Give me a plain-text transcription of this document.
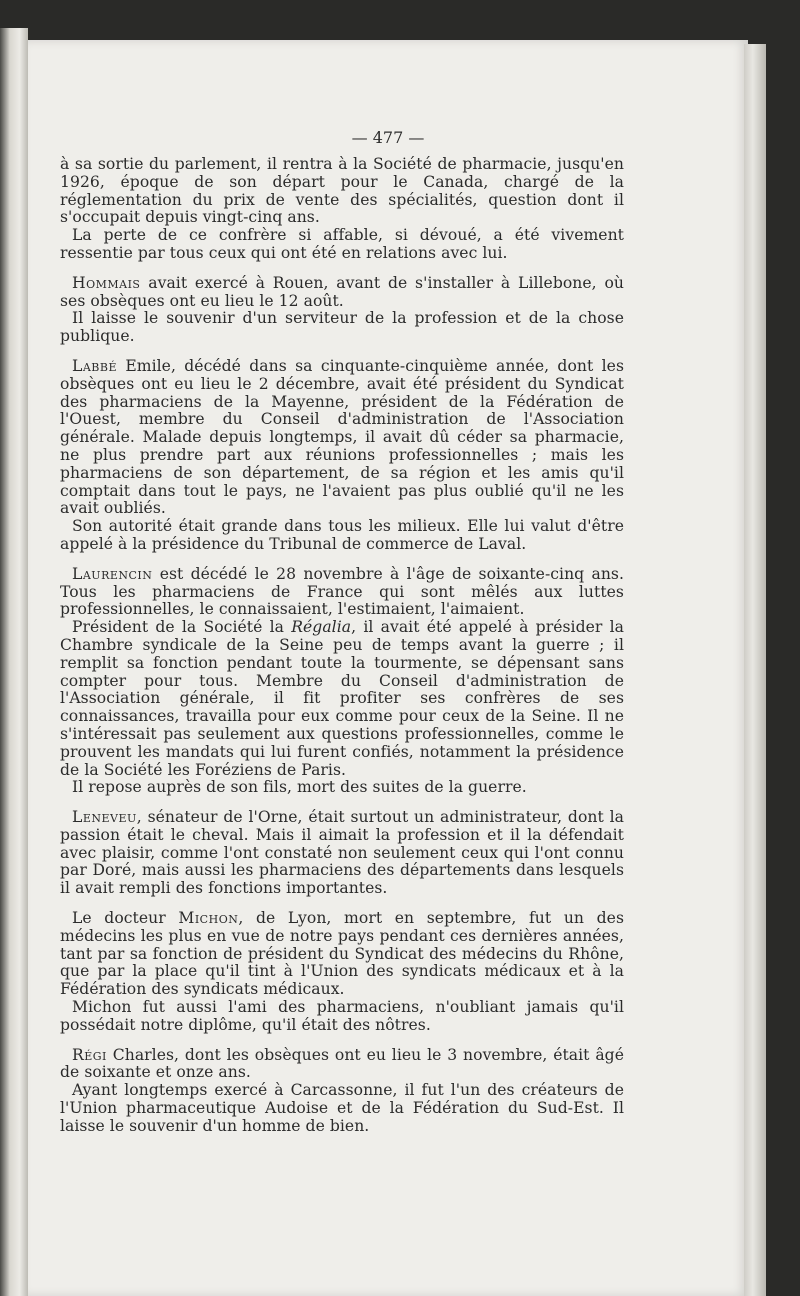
— 477 —

à sa sortie du parlement, il rentra à la Société de pharmacie, jusqu'en 1926, époque de son départ pour le Canada, chargé de la réglementation du prix de vente des spécialités, question dont il s'occupait depuis vingt-cinq ans.

La perte de ce confrère si affable, si dévoué, a été vivement ressentie par tous ceux qui ont été en relations avec lui.

Hommais avait exercé à Rouen, avant de s'installer à Lillebone, où ses obsèques ont eu lieu le 12 août.

Il laisse le souvenir d'un serviteur de la profession et de la chose publique.

Labbé Emile, décédé dans sa cinquante-cinquième année, dont les obsèques ont eu lieu le 2 décembre, avait été président du Syndicat des pharmaciens de la Mayenne, président de la Fédération de l'Ouest, membre du Conseil d'administration de l'Association générale. Malade depuis longtemps, il avait dû céder sa pharmacie, ne plus prendre part aux réunions professionnelles ; mais les pharmaciens de son département, de sa région et les amis qu'il comptait dans tout le pays, ne l'avaient pas plus oublié qu'il ne les avait oubliés.

Son autorité était grande dans tous les milieux. Elle lui valut d'être appelé à la présidence du Tribunal de commerce de Laval.

Laurencin est décédé le 28 novembre à l'âge de soixante-cinq ans. Tous les pharmaciens de France qui sont mêlés aux luttes professionnelles, le connaissaient, l'estimaient, l'aimaient.

Président de la Société la Régalia, il avait été appelé à présider la Chambre syndicale de la Seine peu de temps avant la guerre ; il remplit sa fonction pendant toute la tourmente, se dépensant sans compter pour tous. Membre du Conseil d'administration de l'Association générale, il fit profiter ses confrères de ses connaissances, travailla pour eux comme pour ceux de la Seine. Il ne s'intéressait pas seulement aux questions professionnelles, comme le prouvent les mandats qui lui furent confiés, notamment la présidence de la Société les Foréziens de Paris.

Il repose auprès de son fils, mort des suites de la guerre.

Leneveu, sénateur de l'Orne, était surtout un administrateur, dont la passion était le cheval. Mais il aimait la profession et il la défendait avec plaisir, comme l'ont constaté non seulement ceux qui l'ont connu par Doré, mais aussi les pharmaciens des départements dans lesquels il avait rempli des fonctions importantes.

Le docteur Michon, de Lyon, mort en septembre, fut un des médecins les plus en vue de notre pays pendant ces dernières années, tant par sa fonction de président du Syndicat des médecins du Rhône, que par la place qu'il tint à l'Union des syndicats médicaux et à la Fédération des syndicats médicaux.

Michon fut aussi l'ami des pharmaciens, n'oubliant jamais qu'il possédait notre diplôme, qu'il était des nôtres.

Régi Charles, dont les obsèques ont eu lieu le 3 novembre, était âgé de soixante et onze ans.

Ayant longtemps exercé à Carcassonne, il fut l'un des créateurs de l'Union pharmaceutique Audoise et de la Fédération du Sud-Est. Il laisse le souvenir d'un homme de bien.
